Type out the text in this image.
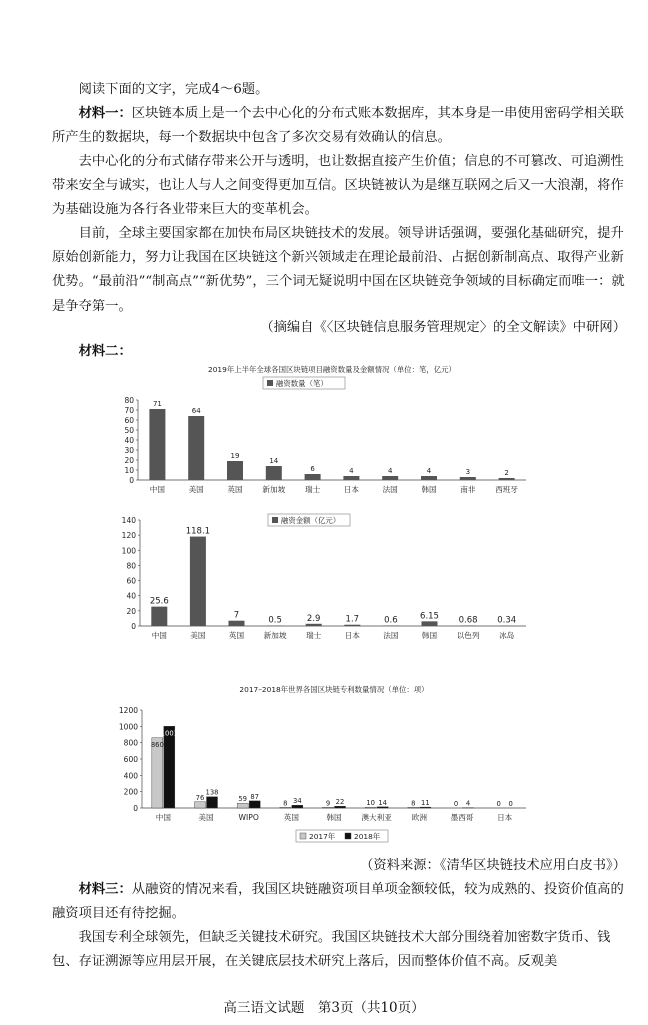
阅读下面的文字，完成4～6题。

材料一：区块链本质上是一个去中心化的分布式账本数据库，其本身是一串使用密码学相关联所产生的数据块，每一个数据块中包含了多次交易有效确认的信息。

去中心化的分布式储存带来公开与透明，也让数据直接产生价值；信息的不可篡改、可追溯性带来安全与诚实，也让人与人之间变得更加互信。区块链被认为是继互联网之后又一大浪潮，将作为基础设施为各行各业带来巨大的变革机会。

目前，全球主要国家都在加快布局区块链技术的发展。领导讲话强调，要强化基础研究，提升原始创新能力，努力让我国在区块链这个新兴领域走在理论最前沿、占据创新制高点、取得产业新优势。“最前沿”“制高点”“新优势”，三个词无疑说明中国在区块链竞争领域的目标确定而唯一：就是争夺第一。

（摘编自《〈区块链信息服务管理规定〉的全文解读》中研网）

材料二：

2019年上半年全球各国区块链项目融资数量及金额情况（单位：笔，亿元）
0
10
20
30
40
50
60
70
80
中国
71
美国
64
英国
19
新加坡
14
瑞士
6
日本
4
法国
4
韩国
4
南非
3
西班牙
2
融资数量（笔）
0
20
40
60
80
100
120
140
中国
25.6
美国
118.1
英国
7
新加坡
0.5
瑞士
2.9
日本
1.7
法国
0.6
韩国
6.15
以色列
0.68
冰岛
0.34
融资金额（亿元）
2017–2018年世界各国区块链专利数量情况（单位：项）
0
200
400
600
800
1000
1200
中国
860
1001
美国
76
138
WIPO
59 87
英国
8 34
韩国
9 22
澳大利亚
10 14
欧洲
8 11
墨西哥
0 4
日本
0 0
2017年	2018年

（资料来源：《清华区块链技术应用白皮书》）

材料三：从融资的情况来看，我国区块链融资项目单项金额较低，较为成熟的、投资价值高的融资项目还有待挖掘。

我国专利全球领先，但缺乏关键技术研究。我国区块链技术大部分围绕着加密数字货币、钱包、存证溯源等应用层开展，在关键底层技术研究上落后，因而整体价值不高。反观美

高三语文试题　第3页（共10页）
